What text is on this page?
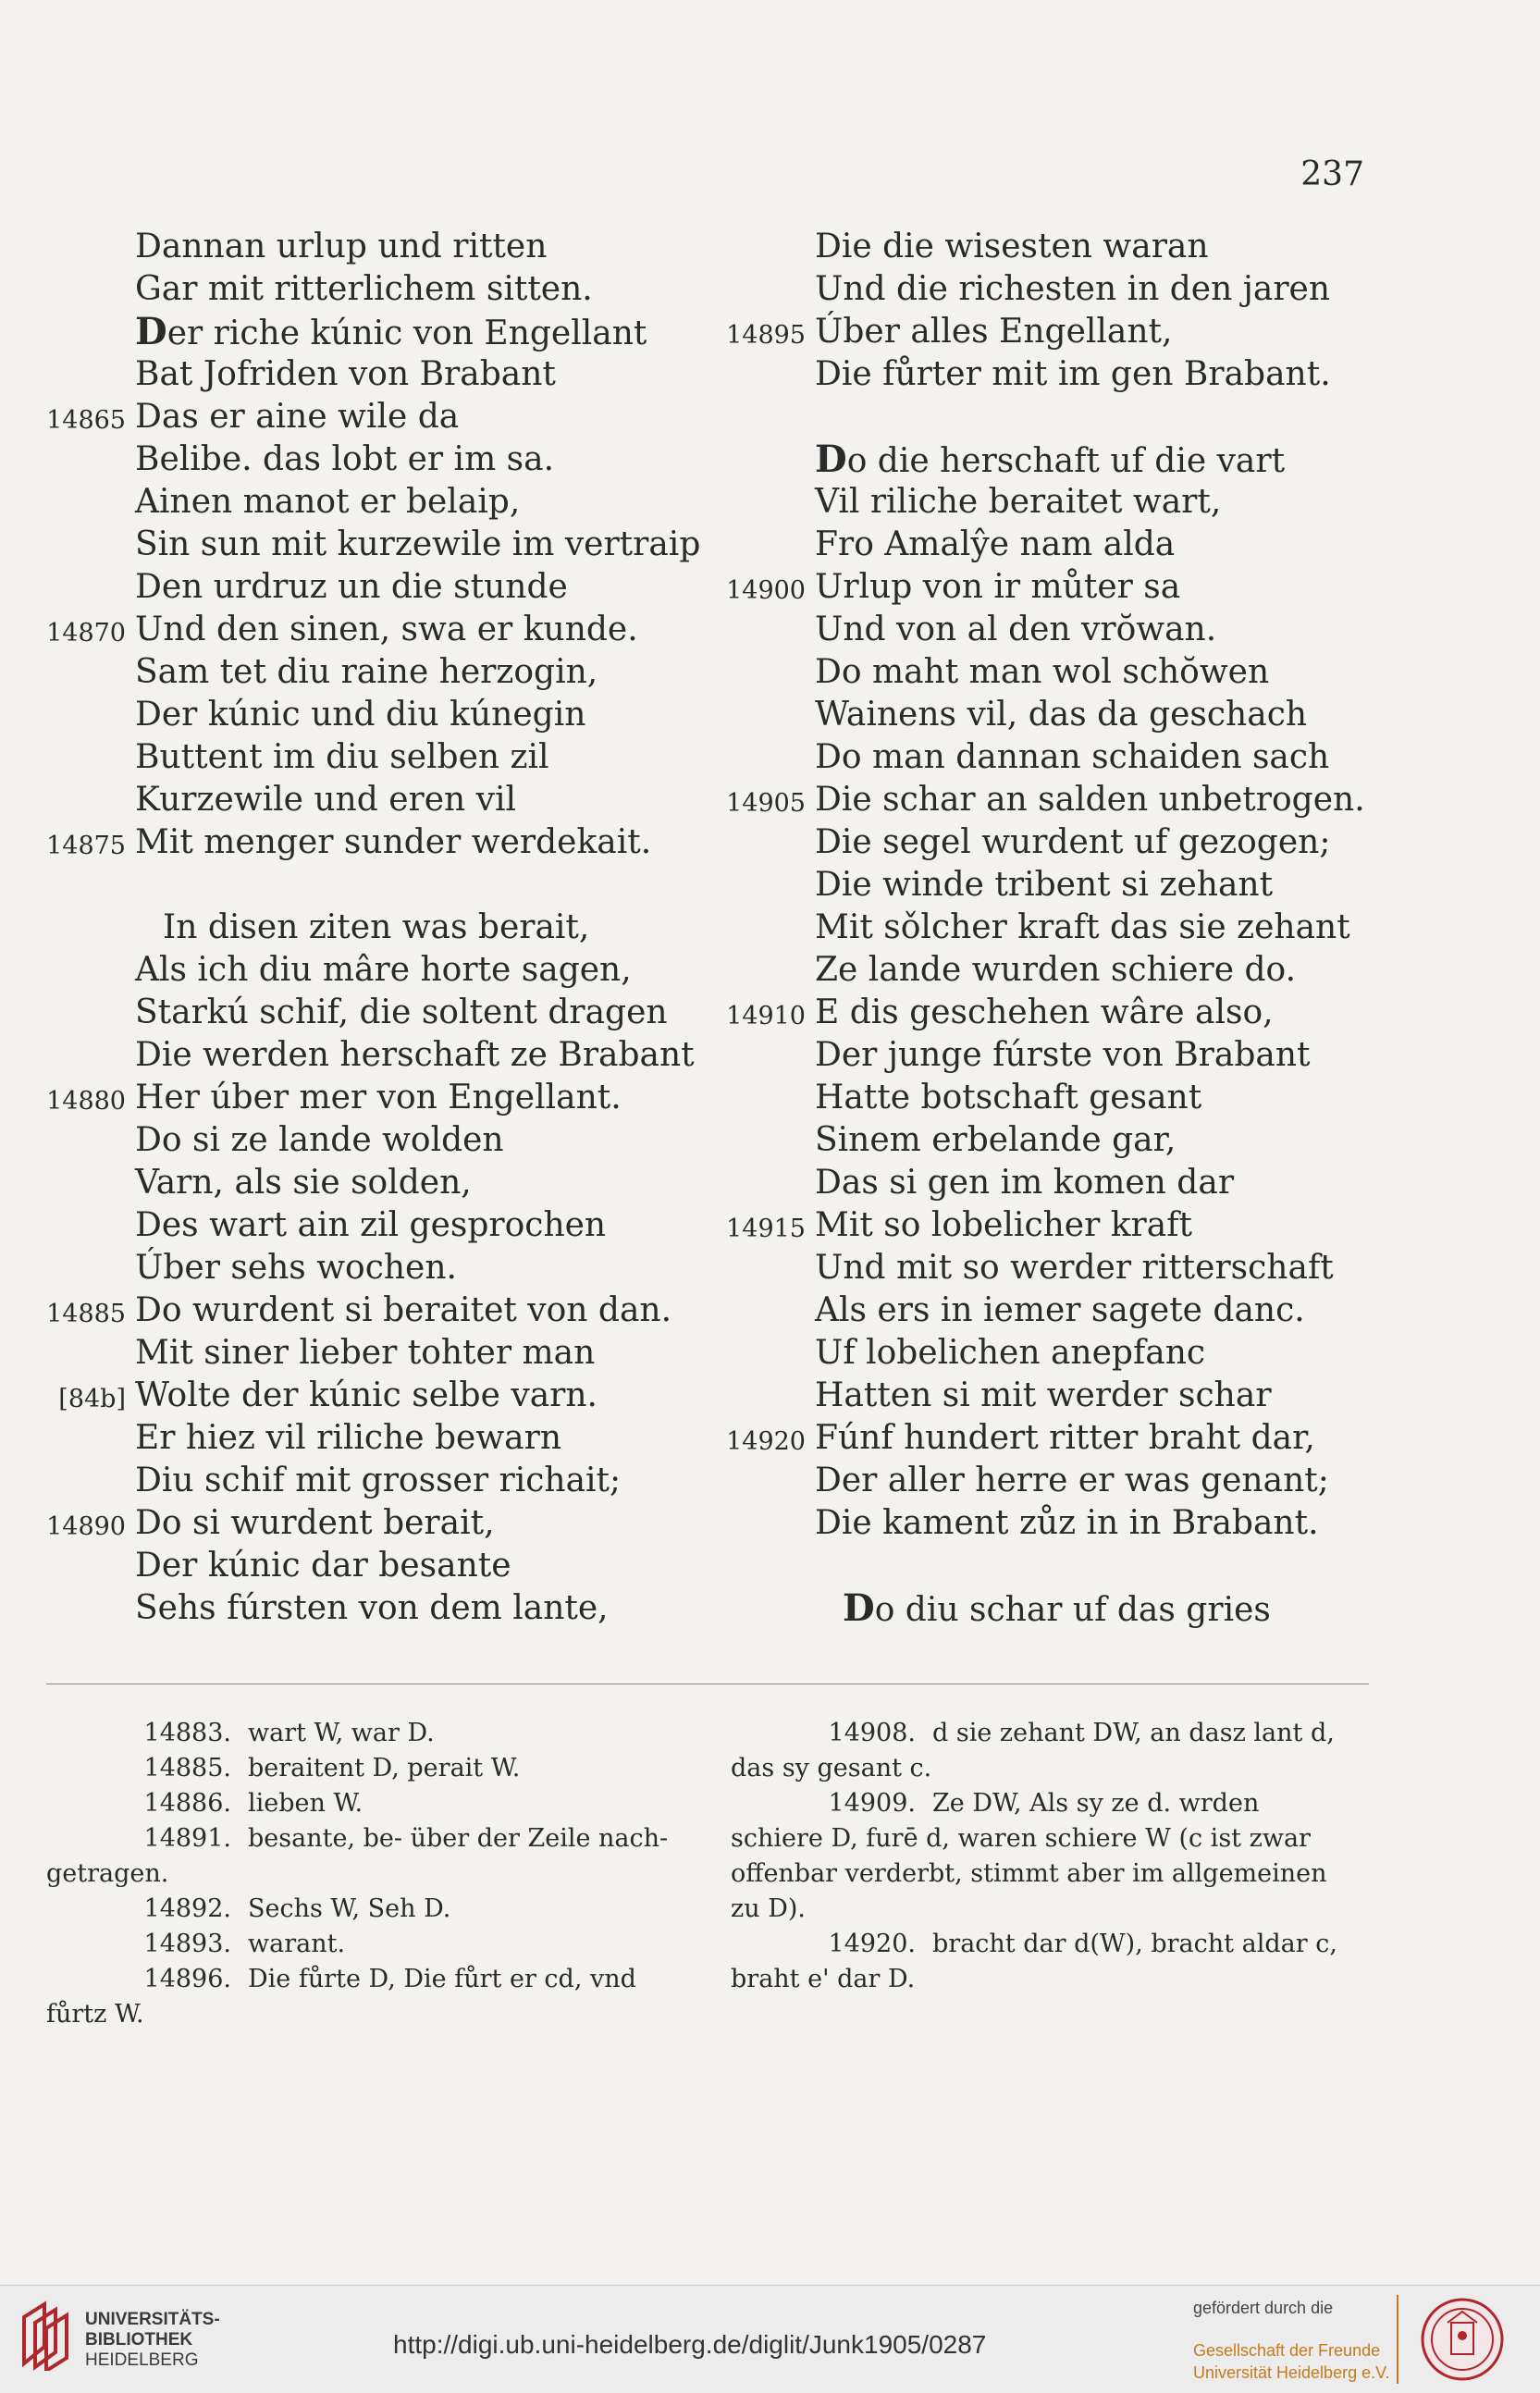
237
Dannan urlup und ritten
Gar mit ritterlichem sitten.
Der riche kúnic von Engellant
Bat Jofriden von Brabant
14865 Das er aine wile da
Belibe. das lobt er im sa.
Ainen manot er belaip,
Sin sun mit kurzewile im vertraip
Den urdruz un die stunde
14870 Und den sinen, swa er kunde.
Sam tet diu raine herzogin,
Der kúnic und diu kúnegin
Buttent im diu selben zil
Kurzewile und eren vil
14875 Mit menger sunder werdekait.
In disen ziten was berait,
Als ich diu mâre horte sagen,
Starkú schif, die soltent dragen
Die werden herschaft ze Brabant
14880 Her úber mer von Engellant.
Do si ze lande wolden
Varn, als sie solden,
Des wart ain zil gesprochen
Úber sehs wochen.
14885 Do wurdent si beraitet von dan.
Mit siner lieber tohter man
[84b] Wolte der kúnic selbe varn.
Er hiez vil riliche bewarn
Diu schif mit grosser richait;
14890 Do si wurdent berait,
Der kúnic dar besante
Sehs fúrsten von dem lante,
Die die wisesten waran
Und die richesten in den jaren
14895 Úber alles Engellant,
Die fůrter mit im gen Brabant.
Do die herschaft uf die vart
Vil riliche beraitet wart,
Fro Amalŷe nam alda
14900 Urlup von ir můter sa
Und von al den vrŏwan.
Do maht man wol schŏwen
Wainens vil, das da geschach
Do man dannan schaiden sach
14905 Die schar an salden unbetrogen.
Die segel wurdent uf gezogen;
Die winde tribent si zehant
Mit sǒlcher kraft das sie zehant
Ze lande wurden schiere do.
14910 E dis geschehen wâre also,
Der junge fúrste von Brabant
Hatte botschaft gesant
Sinem erbelande gar,
Das si gen im komen dar
14915 Mit so lobelicher kraft
Und mit so werder ritterschaft
Als ers in iemer sagete danc.
Uf lobelichen anepfanc
Hatten si mit werder schar
14920 Fúnf hundert ritter braht dar,
Der aller herre er was genant;
Die kament zůz in in Brabant.
Do diu schar uf das gries

14883. wart W, war D.

14885. beraitent D, perait W.

14886. lieben W.

14891. besante, be- über der Zeile nach-

getragen.

14892. Sechs W, Seh D.

14893. warant.

14896. Die fůrte D, Die fůrt er cd, vnd

fůrtz W.

14908. d sie zehant DW, an dasz lant d,

das sy gesant c.

14909. Ze DW, Als sy ze d. wrden

schiere D, furē d, waren schiere W (c ist zwar

offenbar verderbt, stimmt aber im allgemeinen

zu D).

14920. bracht dar d(W), bracht aldar c,

braht e' dar D.

UNIVERSITÄTS-
BIBLIOTHEK
HEIDELBERG
http://digi.ub.uni-heidelberg.de/diglit/Junk1905/0287
gefördert durch die
Gesellschaft der Freunde
Universität Heidelberg e.V.
